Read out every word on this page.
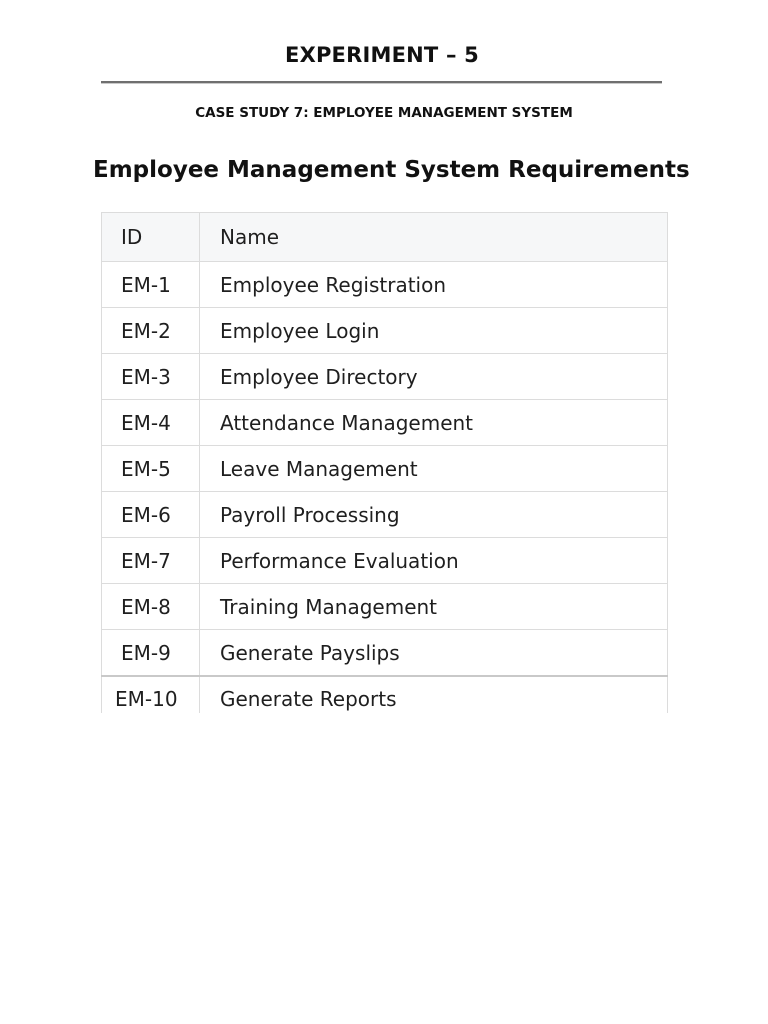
EXPERIMENT – 5
CASE STUDY 7: EMPLOYEE MANAGEMENT SYSTEM
Employee Management System Requirements
ID	Name
EM-1	Employee Registration
EM-2	Employee Login
EM-3	Employee Directory
EM-4	Attendance Management
EM-5	Leave Management
EM-6	Payroll Processing
EM-7	Performance Evaluation
EM-8	Training Management
EM-9	Generate Payslips
EM-10	Generate Reports
